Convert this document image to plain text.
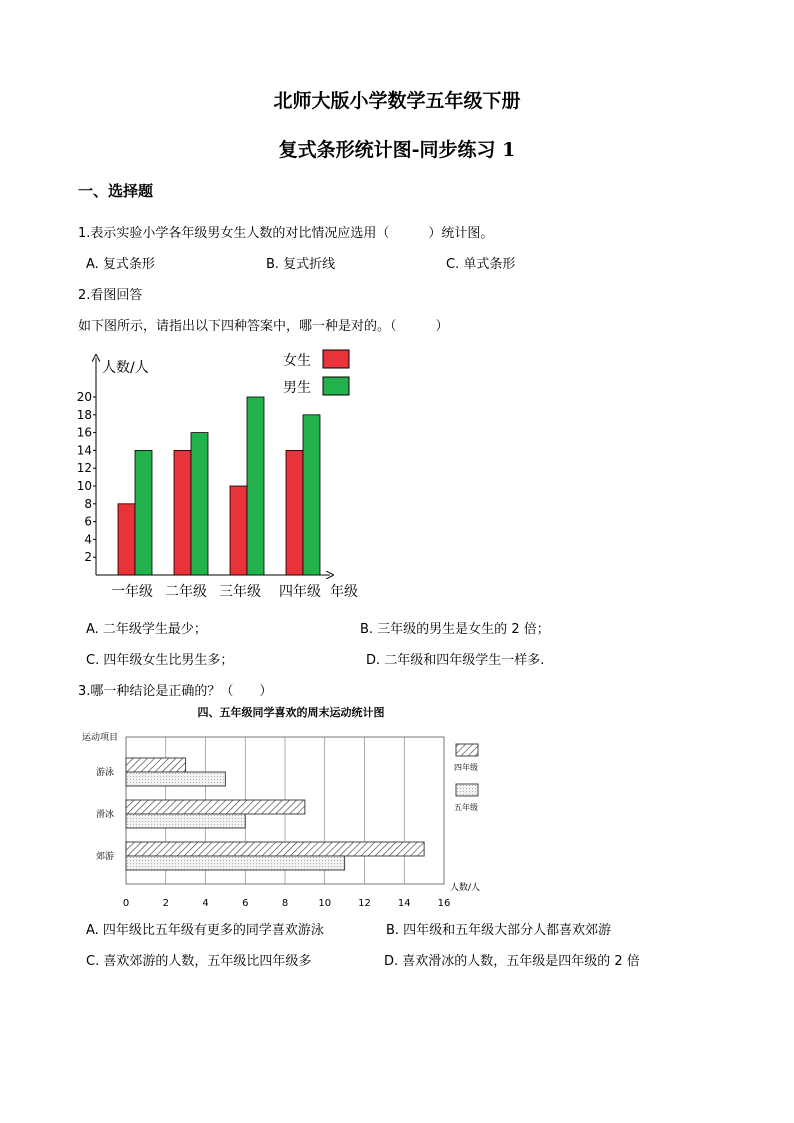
北师大版小学数学五年级下册
复式条形统计图-同步练习 1
一、选择题
1.表示实验小学各年级男女生人数的对比情况应选用（　　　）统计图。
A. 复式条形	B. 复式折线	C. 单式条形
2.看图回答
如下图所示，请指出以下四种答案中，哪一种是对的。（　　　）
人数/人
年级
2
4
6
8
10
12
14
16
18
20
一年级 二年级 三年级 四年级
女生
男生
A. 二年级学生最少；	B. 三年级的男生是女生的 2 倍；
C. 四年级女生比男生多；	D. 二年级和四年级学生一样多.
3.哪一种结论是正确的？（　　）
四、五年级同学喜欢的周末运动统计图
运动项目
游泳
滑冰
郊游
0	2	4	6	8	10	12	14	16
人数/人
四年级
五年级
A. 四年级比五年级有更多的同学喜欢游泳	B. 四年级和五年级大部分人都喜欢郊游
C. 喜欢郊游的人数，五年级比四年级多	D. 喜欢滑冰的人数，五年级是四年级的 2 倍
